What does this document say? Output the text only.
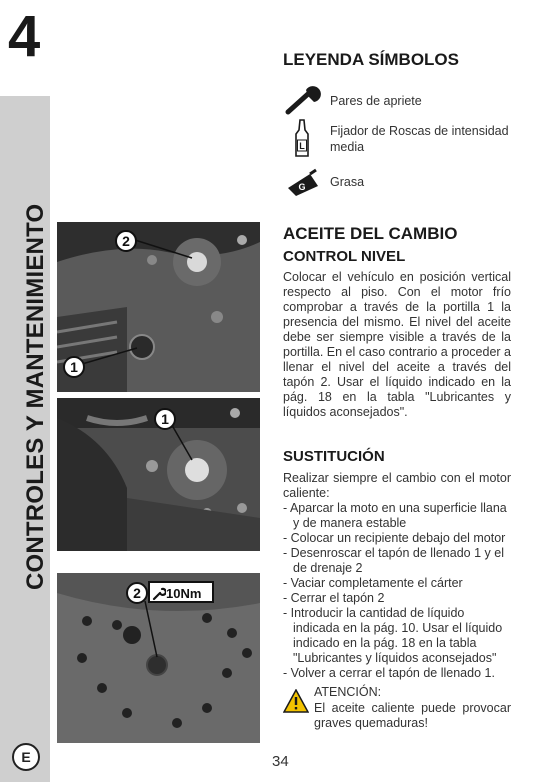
4
CONTROLES Y MANTENIMIENTO
E
2
1
1
2	10Nm
LEYENDA SÍMBOLOS
Pares de apriete
L
Fijador de Roscas de intensidad media
G Grasa
ACEITE DEL CAMBIO
CONTROL NIVEL

Colocar el vehículo en posición vertical respecto al piso. Con el motor frío comprobar a través de la portilla 1 la presencia del mismo. El nivel del aceite debe ser siempre visible a través de la portilla. En el caso contrario a proceder a llenar el nivel del aceite a través del tapón 2. Usar el líquido indicado en la pág. 18 en la tabla "Lubricantes y líquidos aconsejados".

SUSTITUCIÓN

Realizar siempre el cambio con el motor caliente:

- Aparcar la moto en una superficie llana y de manera estable
- Colocar un recipiente debajo del motor
- Desenroscar el tapón de llenado 1 y el de drenaje 2
- Vaciar completamente el cárter
- Cerrar el tapón 2
- Introducir la cantidad de líquido indicada en la pág. 10. Usar el líquido indicado en la pág. 18 en la tabla "Lubricantes y líquidos aconsejados"
- Volver a cerrar el tapón de llenado 1.
ATENCIÓN:
El aceite caliente puede provocar graves quemaduras!
34
